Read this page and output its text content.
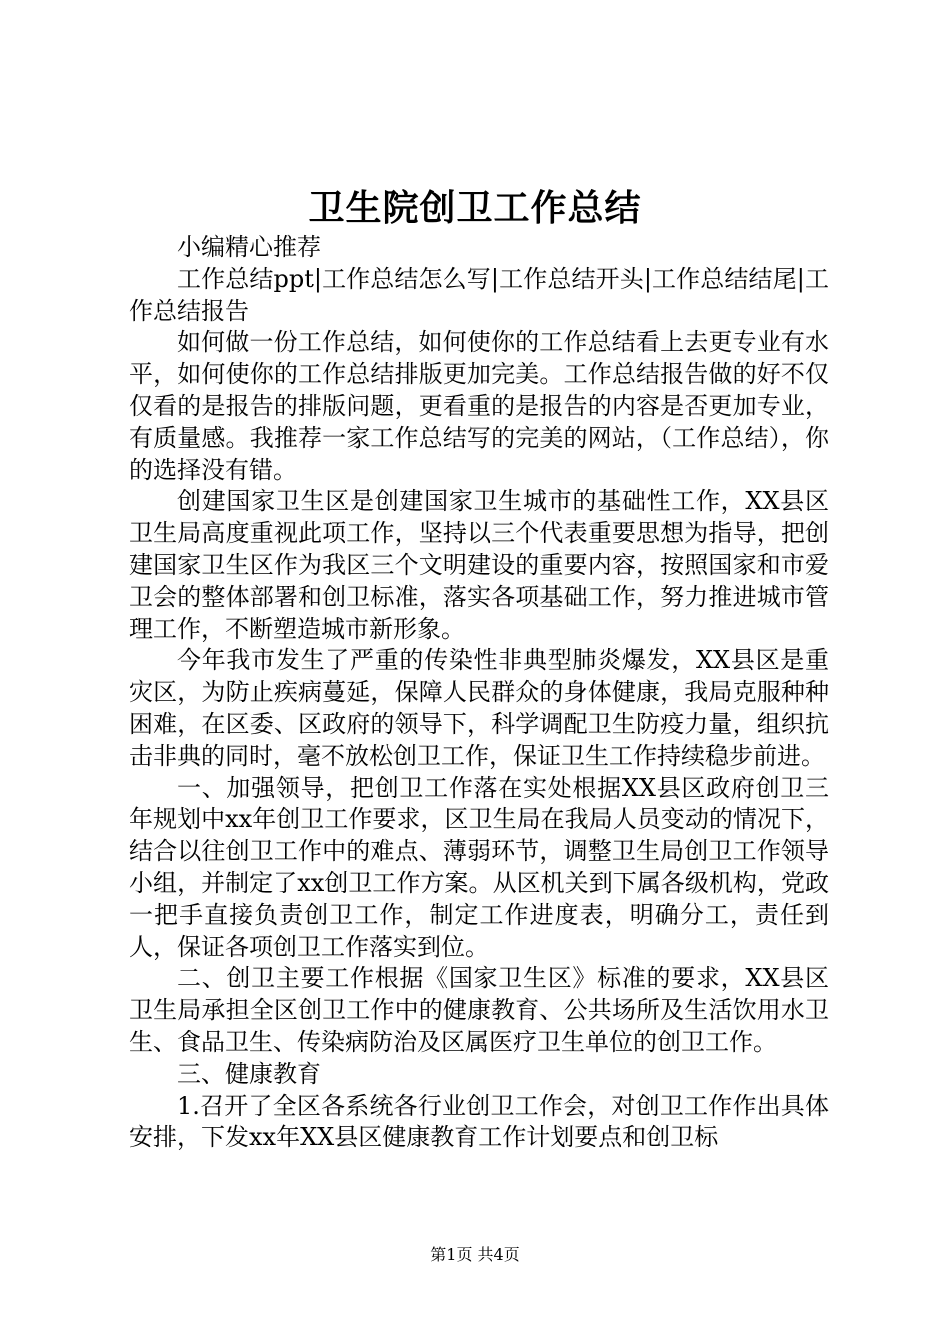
卫生院创卫工作总结

小编精心推荐

工作总结ppt|工作总结怎么写|工作总结开头|工作总结结尾|工作总结报告

如何做一份工作总结，如何使你的工作总结看上去更专业有水平，如何使你的工作总结排版更加完美。工作总结报告做的好不仅仅看的是报告的排版问题，更看重的是报告的内容是否更加专业，有质量感。我推荐一家工作总结写的完美的网站，（工作总结），你的选择没有错。

创建国家卫生区是创建国家卫生城市的基础性工作，XX县区卫生局高度重视此项工作，坚持以三个代表重要思想为指导，把创建国家卫生区作为我区三个文明建设的重要内容，按照国家和市爱卫会的整体部署和创卫标准，落实各项基础工作，努力推进城市管理工作，不断塑造城市新形象。

今年我市发生了严重的传染性非典型肺炎爆发，XX县区是重灾区，为防止疾病蔓延，保障人民群众的身体健康，我局克服种种困难，在区委、区政府的领导下，科学调配卫生防疫力量，组织抗击非典的同时，毫不放松创卫工作，保证卫生工作持续稳步前进。

一、加强领导，把创卫工作落在实处根据XX县区政府创卫三年规划中xx年创卫工作要求，区卫生局在我局人员变动的情况下，结合以往创卫工作中的难点、薄弱环节，调整卫生局创卫工作领导小组，并制定了xx创卫工作方案。从区机关到下属各级机构，党政一把手直接负责创卫工作，制定工作进度表，明确分工，责任到人，保证各项创卫工作落实到位。

二、创卫主要工作根据《国家卫生区》标准的要求，XX县区卫生局承担全区创卫工作中的健康教育、公共场所及生活饮用水卫生、食品卫生、传染病防治及区属医疗卫生单位的创卫工作。

三、健康教育

1.召开了全区各系统各行业创卫工作会，对创卫工作作出具体安排，下发xx年XX县区健康教育工作计划要点和创卫标

第1页 共4页
